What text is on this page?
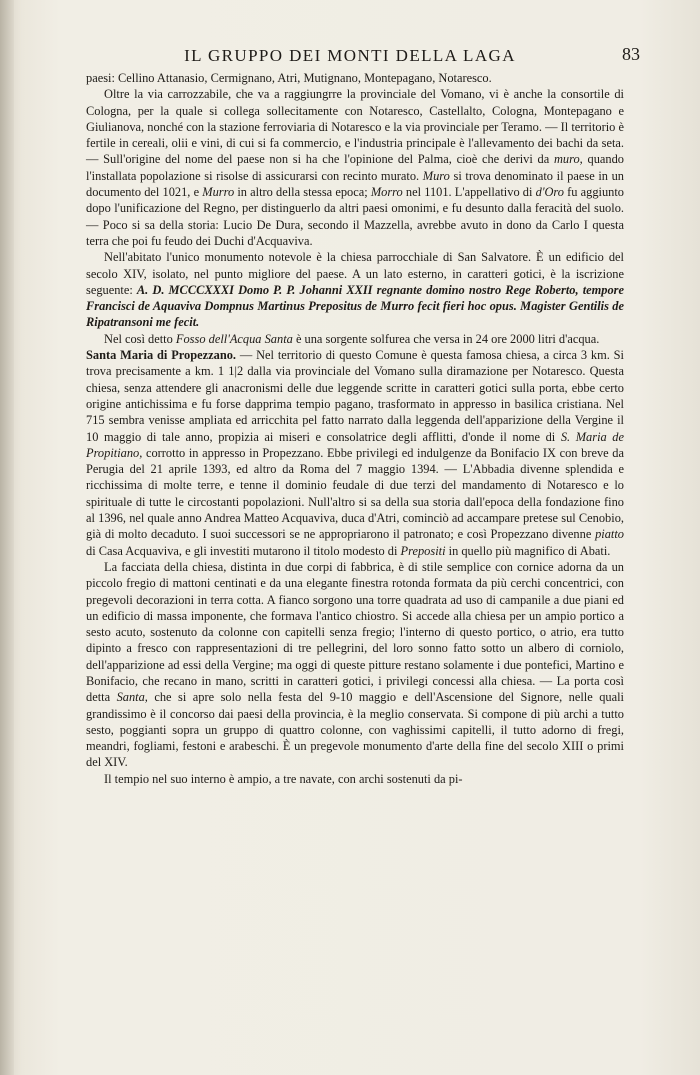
IL GRUPPO DEI MONTI DELLA LAGA	83

paesi: Cellino Attanasio, Cermignano, Atri, Mutignano, Montepagano, Notaresco.

Oltre la via carrozzabile, che va a raggiungrre la provinciale del Vomano, vi è anche la consortile di Cologna, per la quale si collega sollecitamente con Notaresco, Castellalto, Cologna, Montepagano e Giulianova, nonché con la stazione ferroviaria di Notaresco e la via provinciale per Teramo. — Il territorio è fertile in cereali, olii e vini, di cui si fa commercio, e l'industria principale è l'allevamento dei bachi da seta. — Sull'origine del nome del paese non si ha che l'opinione del Palma, cioè che derivi da muro, quando l'installata popolazione si risolse di assicurarsi con recinto murato. Muro si trova denominato il paese in un documento del 1021, e Murro in altro della stessa epoca; Morro nel 1101. L'appellativo di d'Oro fu aggiunto dopo l'unificazione del Regno, per distinguerlo da altri paesi omonimi, e fu desunto dalla feracità del suolo. — Poco si sa della storia: Lucio De Dura, secondo il Mazzella, avrebbe avuto in dono da Carlo I questa terra che poi fu feudo dei Duchi d'Acquaviva.

Nell'abitato l'unico monumento notevole è la chiesa parrocchiale di San Salvatore. È un edificio del secolo XIV, isolato, nel punto migliore del paese. A un lato esterno, in caratteri gotici, è la iscrizione seguente: A. D. MCCCXXXI Domo P. P. Johanni XXII regnante domino nostro Rege Roberto, tempore Francisci de Aquaviva Dompnus Martinus Prepositus de Murro fecit fieri hoc opus. Magister Gentilis de Ripatransoni me fecit.

Nel così detto Fosso dell'Acqua Santa è una sorgente solfurea che versa in 24 ore 2000 litri d'acqua.

Santa Maria di Propezzano. — Nel territorio di questo Comune è questa famosa chiesa, a circa 3 km. Si trova precisamente a km. 1 1|2 dalla via provinciale del Vomano sulla diramazione per Notaresco. Questa chiesa, senza attendere gli anacronismi delle due leggende scritte in caratteri gotici sulla porta, ebbe certo origine antichissima e fu forse dapprima tempio pagano, trasformato in appresso in basilica cristiana. Nel 715 sembra venisse ampliata ed arricchita pel fatto narrato dalla leggenda dell'apparizione della Vergine il 10 maggio di tale anno, propizia ai miseri e consolatrice degli afflitti, d'onde il nome di S. Maria de Propitiano, corrotto in appresso in Propezzano. Ebbe privilegi ed indulgenze da Bonifacio IX con breve da Perugia del 21 aprile 1393, ed altro da Roma del 7 maggio 1394. — L'Abbadia divenne splendida e ricchissima di molte terre, e tenne il dominio feudale di due terzi del mandamento di Notaresco e lo spirituale di tutte le circostanti popolazioni. Null'altro si sa della sua storia dall'epoca della fondazione fino al 1396, nel quale anno Andrea Matteo Acquaviva, duca d'Atri, cominciò ad accampare pretese sul Cenobio, già di molto decaduto. I suoi successori se ne appropriarono il patronato; e così Propezzano divenne piatto di Casa Acquaviva, e gli investiti mutarono il titolo modesto di Prepositi in quello più magnifico di Abati.

La facciata della chiesa, distinta in due corpi di fabbrica, è di stile semplice con cornice adorna da un piccolo fregio di mattoni centinati e da una elegante finestra rotonda formata da più cerchi concentrici, con pregevoli decorazioni in terra cotta. A fianco sorgono una torre quadrata ad uso di campanile a due piani ed un edificio di massa imponente, che formava l'antico chiostro. Si accede alla chiesa per un ampio portico a sesto acuto, sostenuto da colonne con capitelli senza fregio; l'interno di questo portico, o atrio, era tutto dipinto a fresco con rappresentazioni di tre pellegrini, del loro sonno fatto sotto un albero di corniolo, dell'apparizione ad essi della Vergine; ma oggi di queste pitture restano solamente i due pontefici, Martino e Bonifacio, che recano in mano, scritti in caratteri gotici, i privilegi concessi alla chiesa. — La porta così detta Santa, che si apre solo nella festa del 9-10 maggio e dell'Ascensione del Signore, nelle quali grandissimo è il concorso dai paesi della provincia, è la meglio conservata. Si compone di più archi a tutto sesto, poggianti sopra un gruppo di quattro colonne, con vaghissimi capitelli, il tutto adorno di fregi, meandri, fogliami, festoni e arabeschi. È un pregevole monumento d'arte della fine del secolo XIII o primi del XIV.

Il tempio nel suo interno è ampio, a tre navate, con archi sostenuti da pi-
